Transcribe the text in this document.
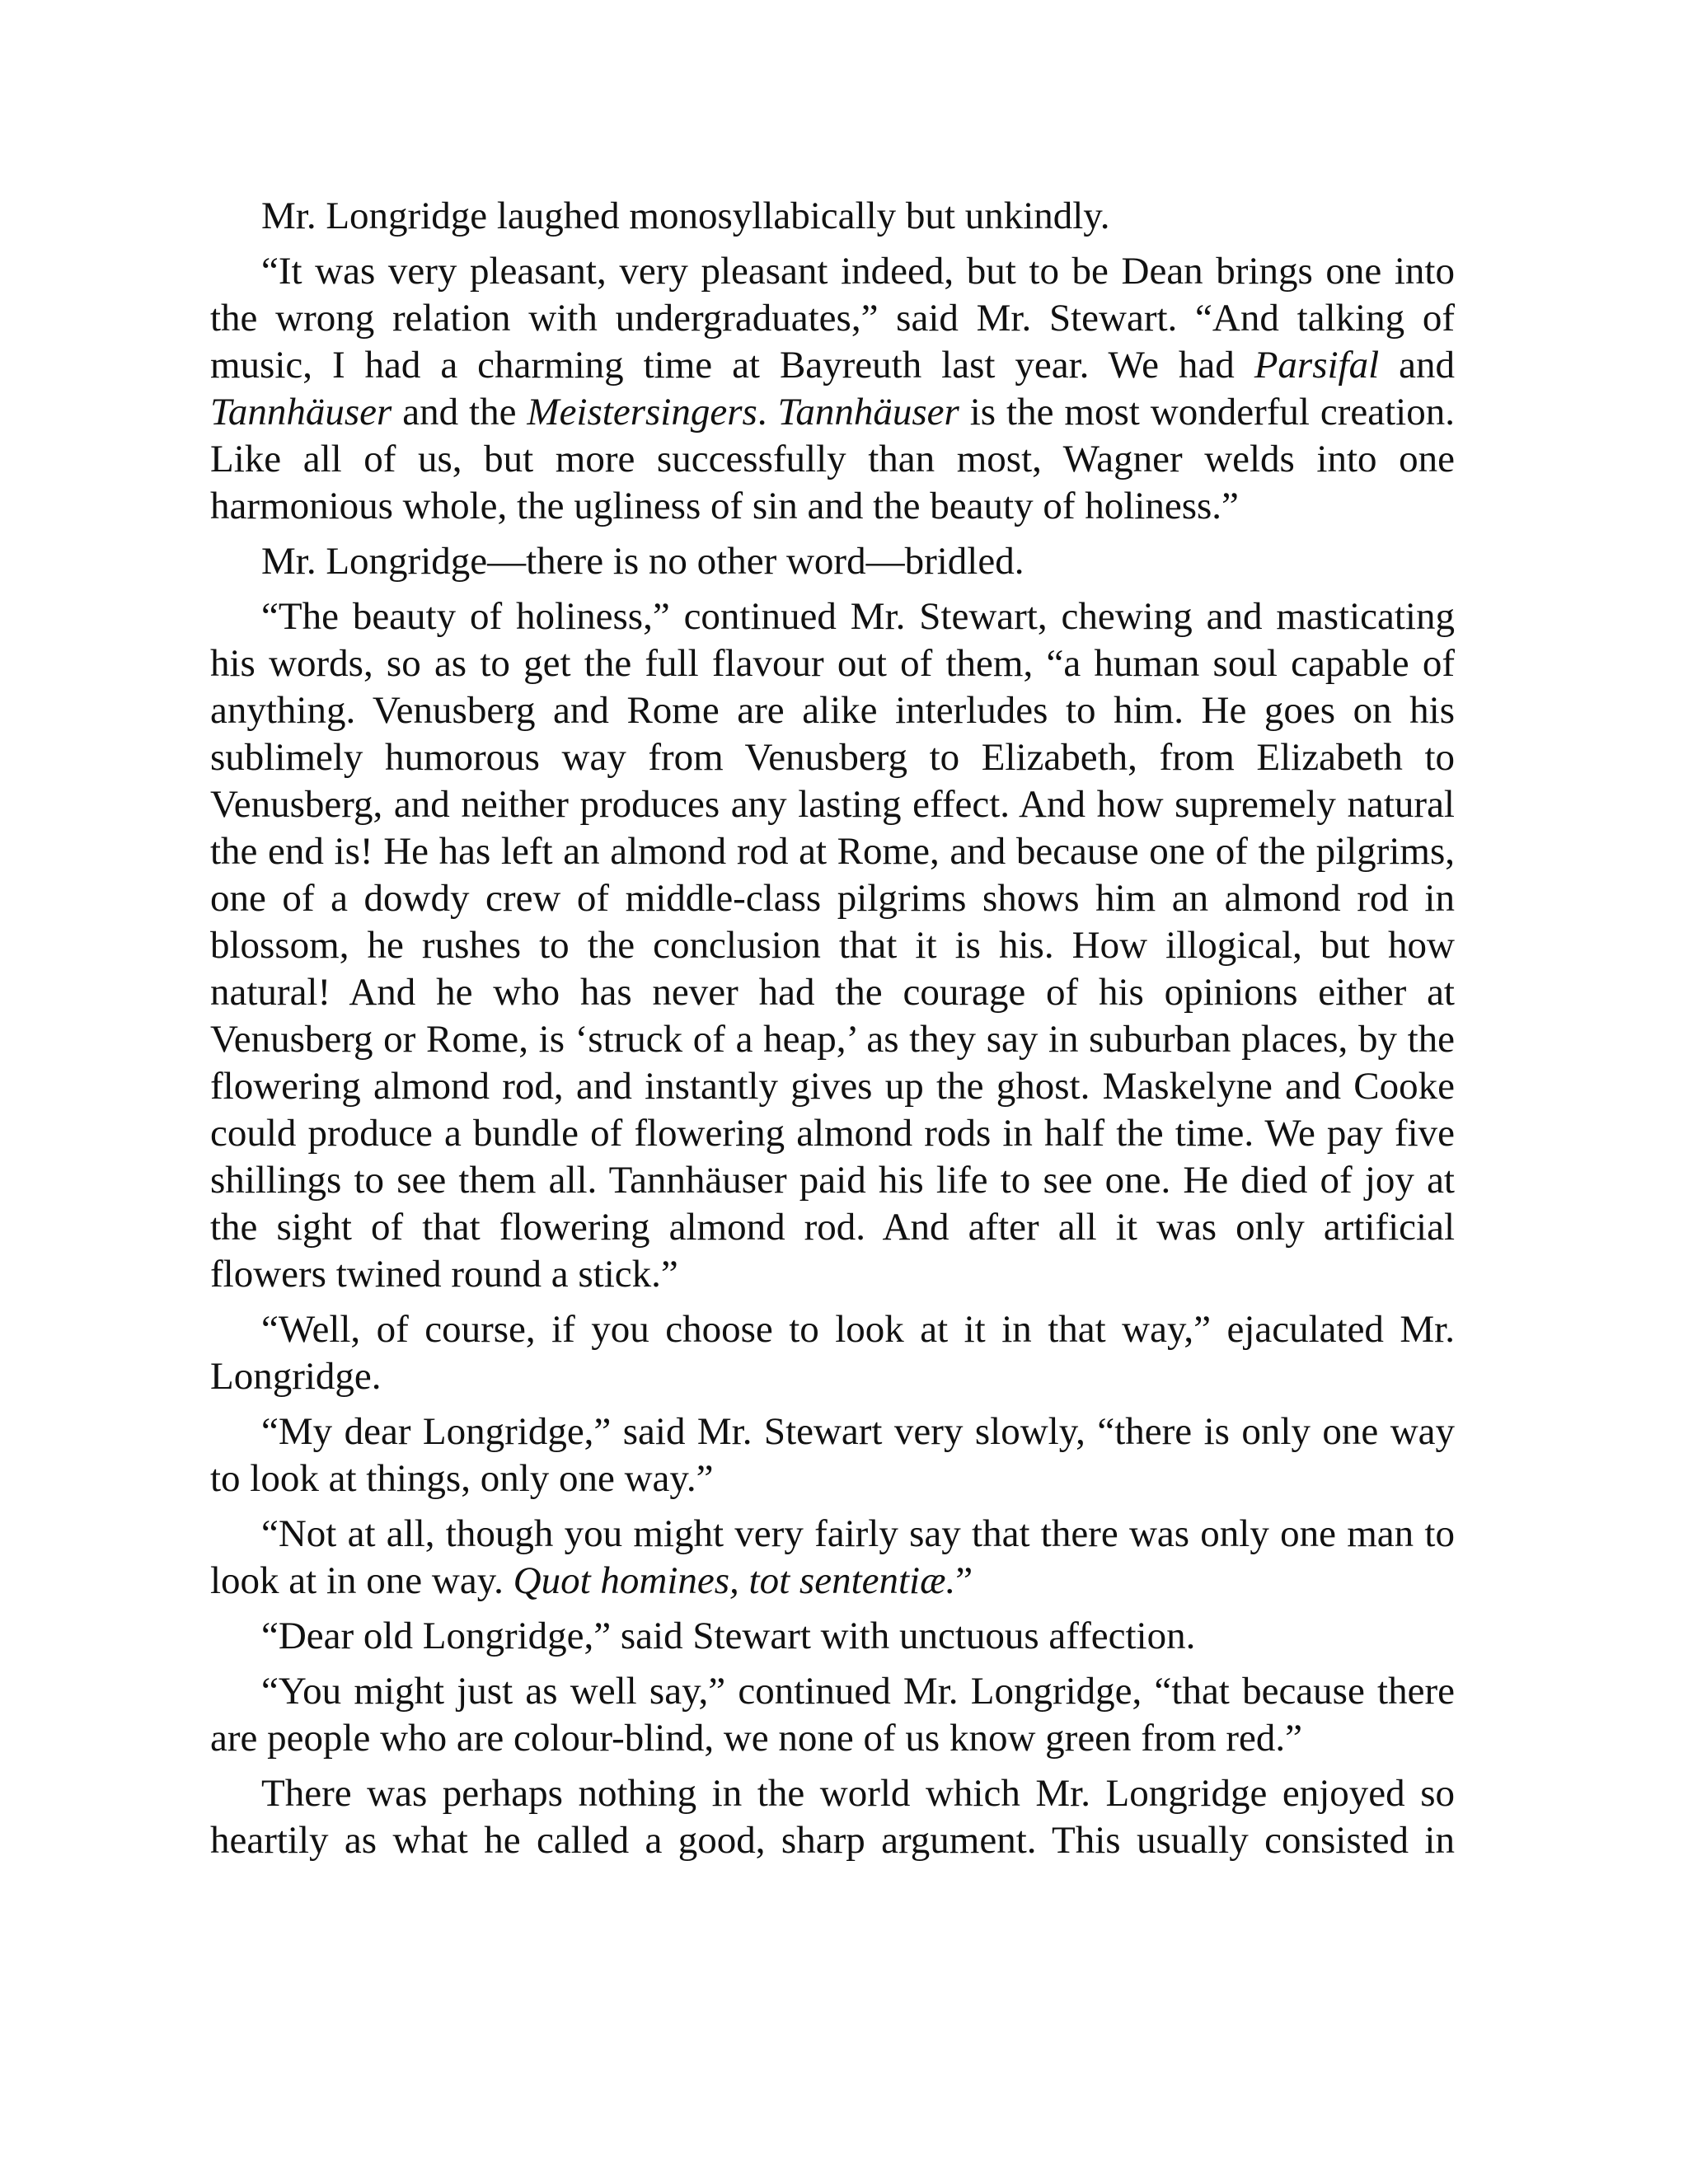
Mr. Longridge laughed monosyllabically but unkindly.

“It was very pleasant, very pleasant indeed, but to be Dean brings one into the wrong relation with undergraduates,” said Mr. Stewart. “And talking of music, I had a charming time at Bayreuth last year. We had Parsifal and Tannhäuser and the Meistersingers. Tannhäuser is the most wonderful creation. Like all of us, but more successfully than most, Wagner welds into one harmonious whole, the ugliness of sin and the beauty of holiness.”

Mr. Longridge—there is no other word—bridled.

“The beauty of holiness,” continued Mr. Stewart, chewing and masticating his words, so as to get the full flavour out of them, “a human soul capable of anything. Venusberg and Rome are alike interludes to him. He goes on his sublimely humorous way from Venusberg to Elizabeth, from Elizabeth to Venusberg, and neither produces any lasting effect. And how supremely natural the end is! He has left an almond rod at Rome, and because one of the pilgrims, one of a dowdy crew of middle-class pilgrims shows him an almond rod in blossom, he rushes to the conclusion that it is his. How illogical, but how natural! And he who has never had the courage of his opinions either at Venusberg or Rome, is ‘struck of a heap,’ as they say in suburban places, by the flowering almond rod, and instantly gives up the ghost. Maskelyne and Cooke could produce a bundle of flowering almond rods in half the time. We pay five shillings to see them all. Tannhäuser paid his life to see one. He died of joy at the sight of that flowering almond rod. And after all it was only artificial flowers twined round a stick.”

“Well, of course, if you choose to look at it in that way,” ejaculated Mr. Longridge.

“My dear Longridge,” said Mr. Stewart very slowly, “there is only one way to look at things, only one way.”

“Not at all, though you might very fairly say that there was only one man to look at in one way. Quot homines, tot sententiæ.”

“Dear old Longridge,” said Stewart with unctuous affection.

“You might just as well say,” continued Mr. Longridge, “that because there are people who are colour-blind, we none of us know green from red.”

There was perhaps nothing in the world which Mr. Longridge enjoyed so heartily as what he called a good, sharp argument. This usually consisted in
